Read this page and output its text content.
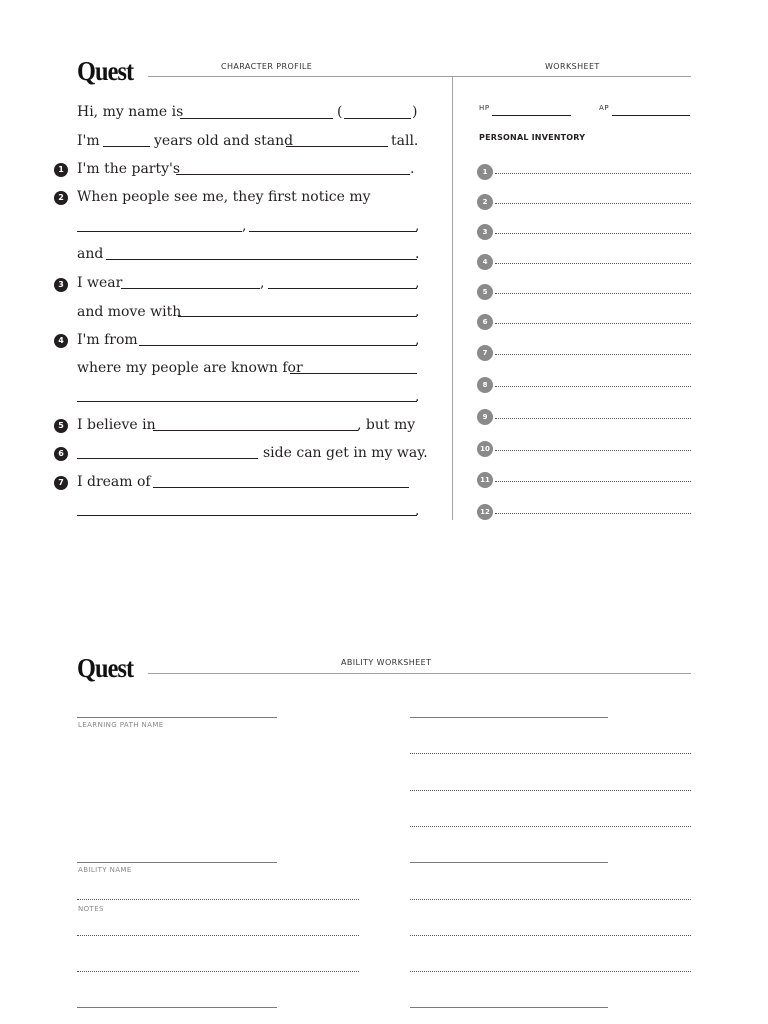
Quest	CHARACTER PROFILE	WORKSHEET
Hi, my name is	(	)
I'm	years old and stand	tall.
1 I'm the party's	.
2 When people see me, they first notice my
,	,
and	.
3 I wear	,	,
and move with	.
4 I'm from	,
where my people are known for
.
5 I believe in	, but my
6	side can get in my way.
7 I dream of
.
HP	AP
PERSONAL INVENTORY
1
2
3
4
5
6
7
8
9
10
11
12
Quest	ABILITY WORKSHEET
LEARNING PATH NAME
ABILITY NAME
NOTES
